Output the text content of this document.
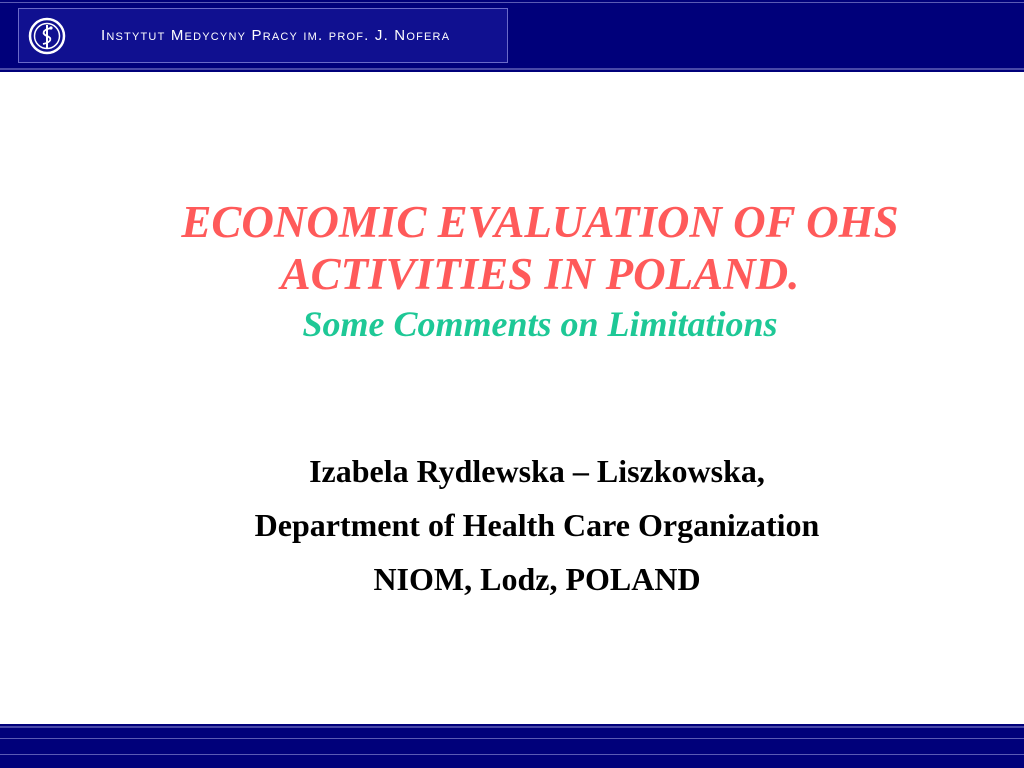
Instytut Medycyny Pracy im. prof. J. Nofera
ECONOMIC EVALUATION OF OHS
ACTIVITIES IN POLAND.
Some Comments on Limitations
Izabela Rydlewska – Liszkowska,
Department of Health Care Organization
NIOM, Lodz, POLAND
